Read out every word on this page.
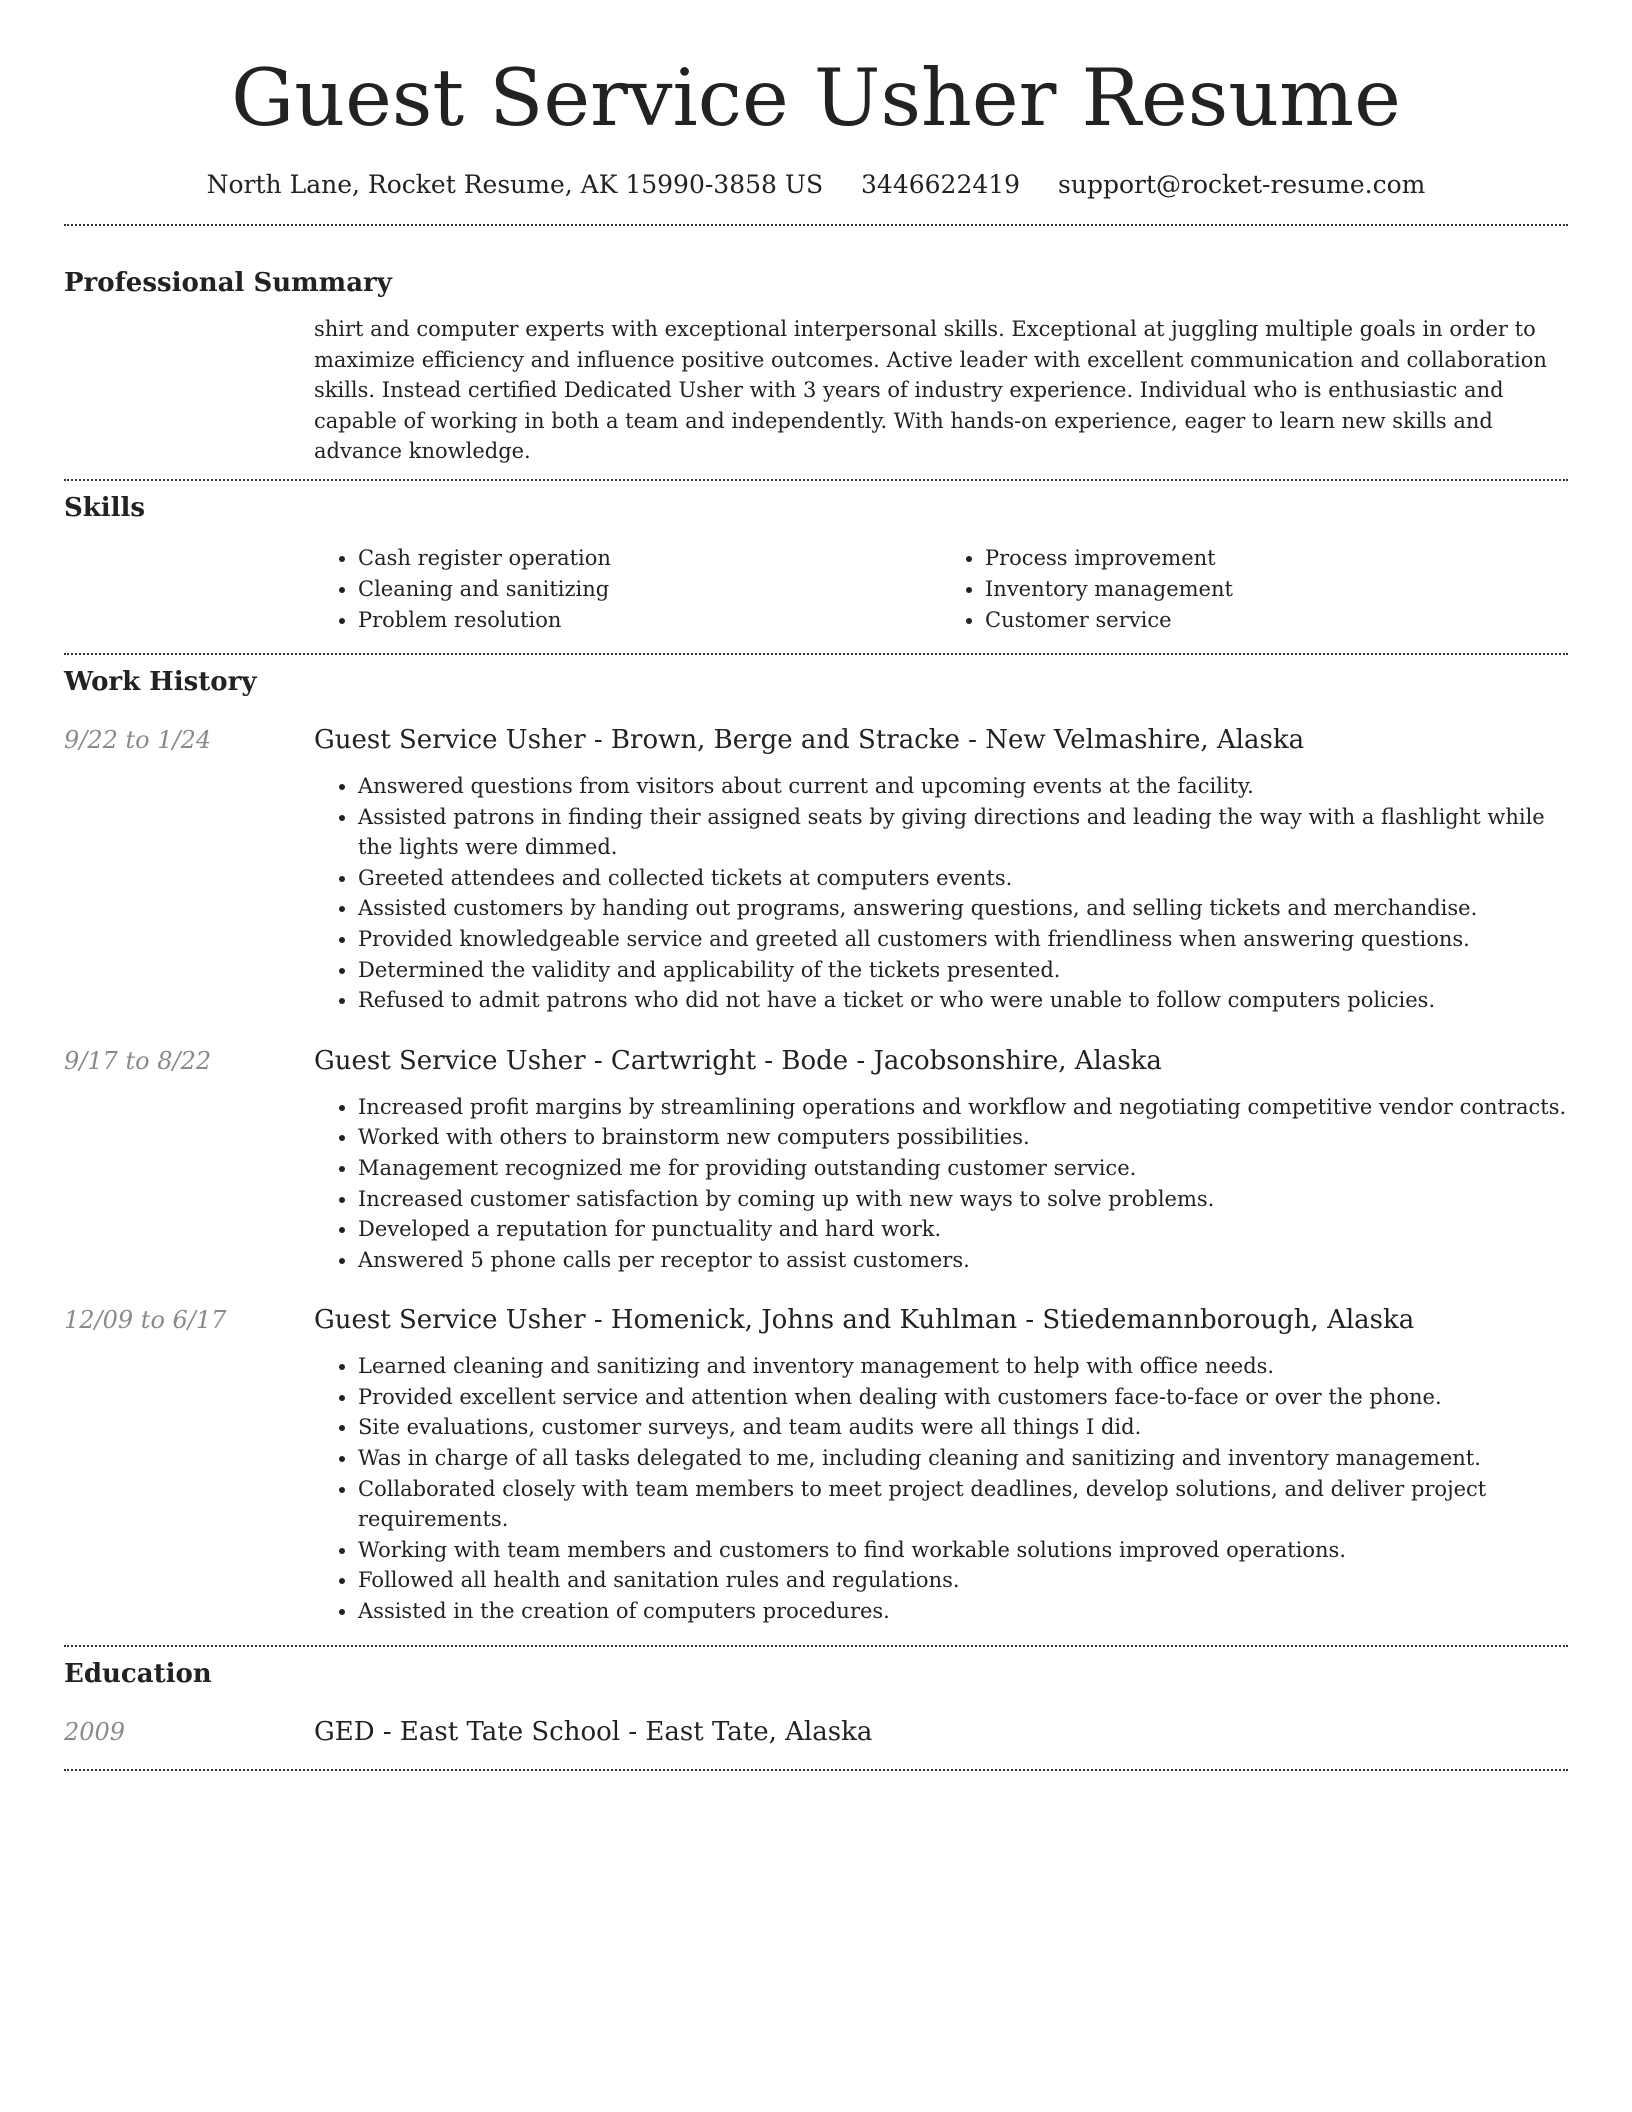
Guest Service Usher Resume
North Lane, Rocket Resume, AK 15990-3858 US 3446622419 support@rocket-resume.com
Professional Summary

shirt and computer experts with exceptional interpersonal skills. Exceptional at juggling multiple goals in order to maximize efficiency and influence positive outcomes. Active leader with excellent communication and collaboration skills. Instead certified Dedicated Usher with 3 years of industry experience. Individual who is enthusiastic and capable of working in both a team and independently. With hands-on experience, eager to learn new skills and advance knowledge.

Skills
• Cash register operation
• Cleaning and sanitizing
• Problem resolution
• Process improvement
• Inventory management
• Customer service
Work History
9/22 to 1/24	Guest Service Usher - Brown, Berge and Stracke - New Velmashire, Alaska
• Answered questions from visitors about current and upcoming events at the facility.
• Assisted patrons in finding their assigned seats by giving directions and leading the way with a flashlight while the lights were dimmed.
• Greeted attendees and collected tickets at computers events.
• Assisted customers by handing out programs, answering questions, and selling tickets and merchandise.
• Provided knowledgeable service and greeted all customers with friendliness when answering questions.
• Determined the validity and applicability of the tickets presented.
• Refused to admit patrons who did not have a ticket or who were unable to follow computers policies.
9/17 to 8/22	Guest Service Usher - Cartwright - Bode - Jacobsonshire, Alaska
• Increased profit margins by streamlining operations and workflow and negotiating competitive vendor contracts.
• Worked with others to brainstorm new computers possibilities.
• Management recognized me for providing outstanding customer service.
• Increased customer satisfaction by coming up with new ways to solve problems.
• Developed a reputation for punctuality and hard work.
• Answered 5 phone calls per receptor to assist customers.
12/09 to 6/17	Guest Service Usher - Homenick, Johns and Kuhlman - Stiedemannborough, Alaska
• Learned cleaning and sanitizing and inventory management to help with office needs.
• Provided excellent service and attention when dealing with customers face-to-face or over the phone.
• Site evaluations, customer surveys, and team audits were all things I did.
• Was in charge of all tasks delegated to me, including cleaning and sanitizing and inventory management.
• Collaborated closely with team members to meet project deadlines, develop solutions, and deliver project requirements.
• Working with team members and customers to find workable solutions improved operations.
• Followed all health and sanitation rules and regulations.
• Assisted in the creation of computers procedures.
Education
2009	GED - East Tate School - East Tate, Alaska
